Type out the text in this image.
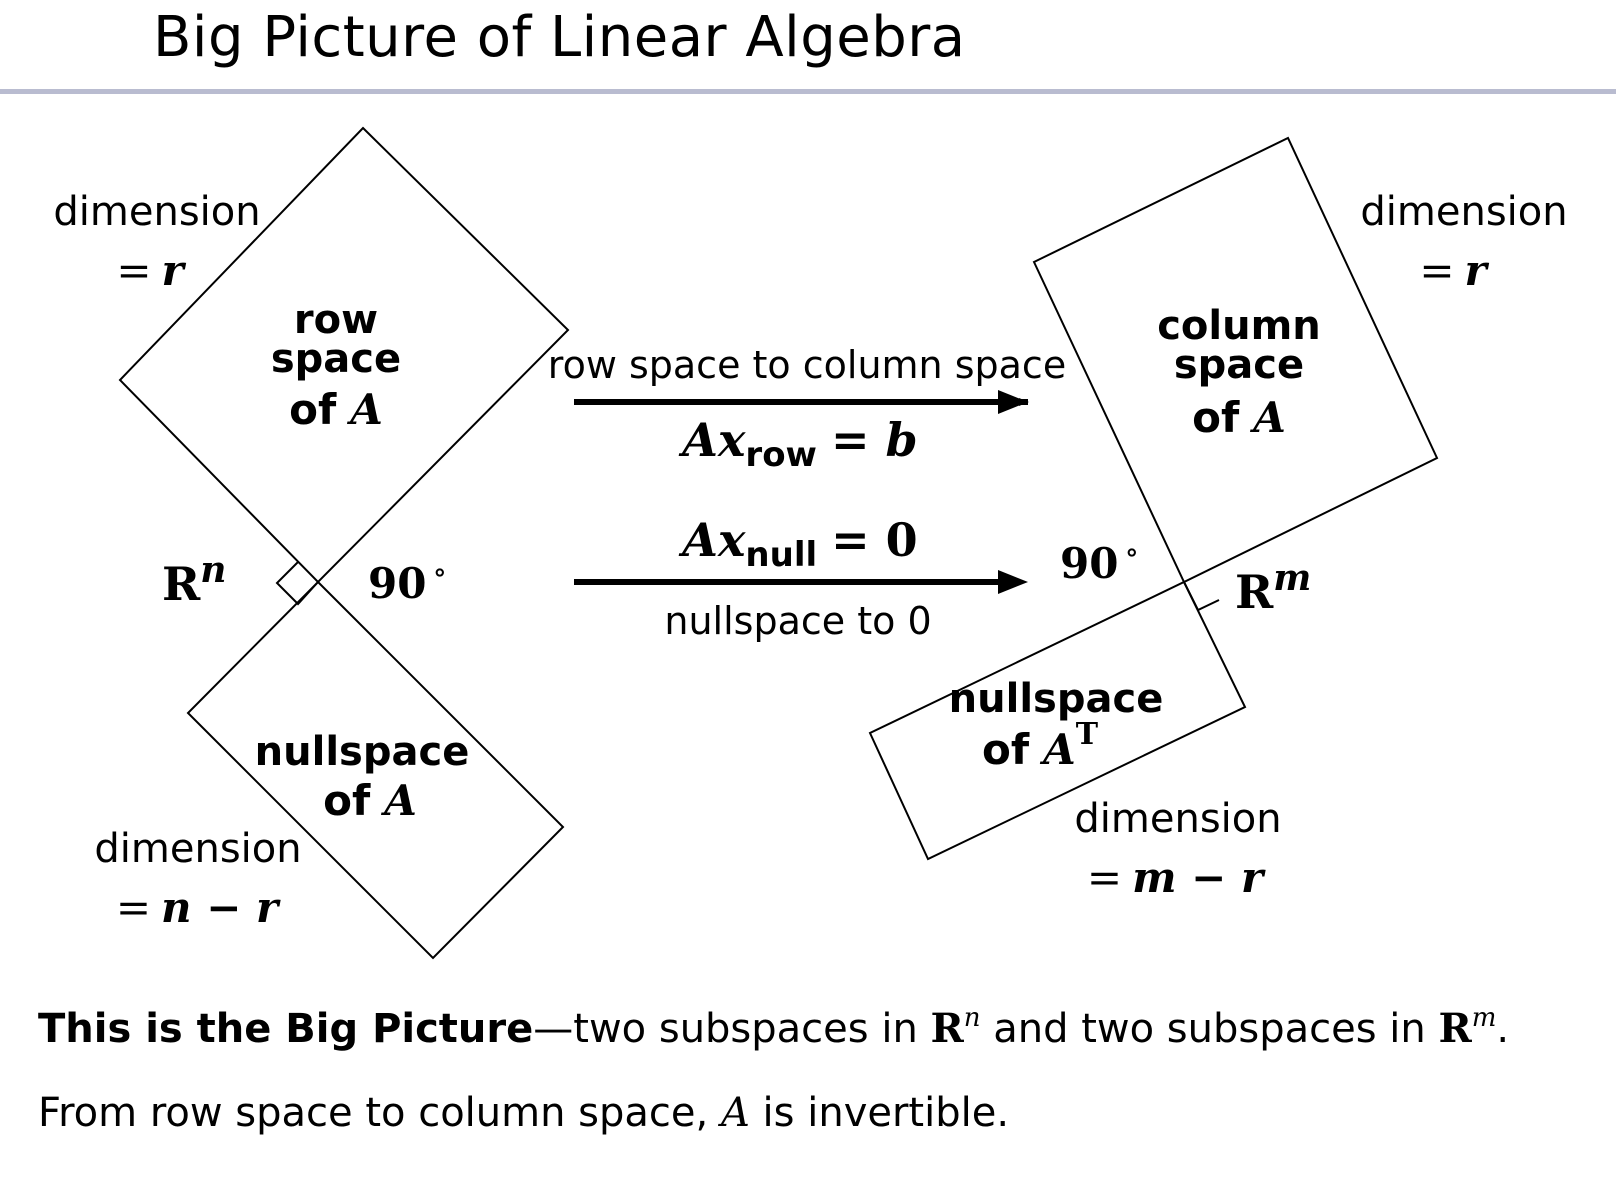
Big Picture of Linear Algebra
row
space
of A
dimension
= r
nullspace
of A
dimension
= n − r
$R^n$	90 ∘
row space to column space
$Ax_{row} = b$
$Ax_{null} = 0$
nullspace to 0
column
space
of A
dimension
= r
nullspace
of $A^T$
dimension
= m − r
$R^m$
90 ∘
This is the Big Picture—two subspaces in $R^n$ and two subspaces in $R^m$.
From row space to column space, A is invertible.
